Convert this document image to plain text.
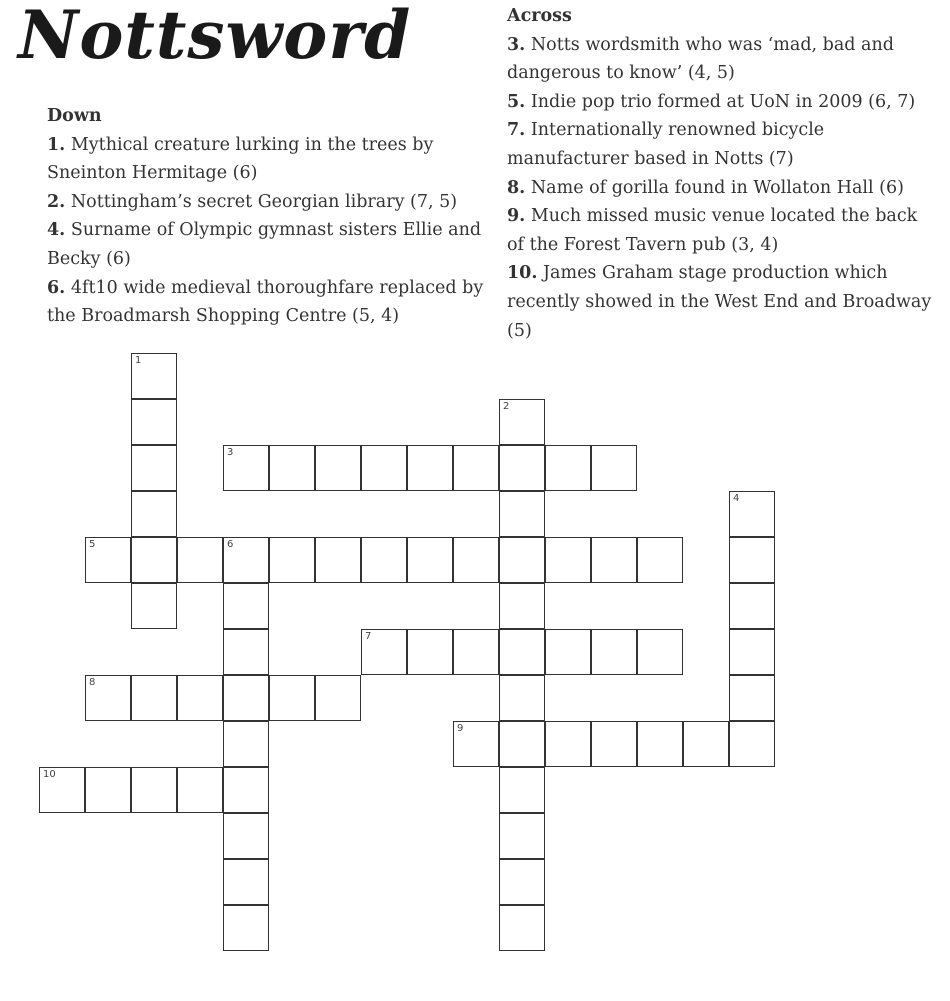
Nottsword
Down
1. Mythical creature lurking in the trees by Sneinton Hermitage (6)
2. Nottingham’s secret Georgian library (7, 5)
4. Surname of Olympic gymnast sisters Ellie and Becky (6)
6. 4ft10 wide medieval thoroughfare replaced by the Broadmarsh Shopping Centre (5, 4)
Across
3. Notts wordsmith who was ‘mad, bad and dangerous to know’ (4, 5)
5. Indie pop trio formed at UoN in 2009 (6, 7)
7. Internationally renowned bicycle manufacturer based in Notts (7)
8. Name of gorilla found in Wollaton Hall (6)
9. Much missed music venue located the back of the Forest Tavern pub (3, 4)
10. James Graham stage production which recently showed in the West End and Broadway (5)
1
2
3
4
5	6
7
8
9
10
